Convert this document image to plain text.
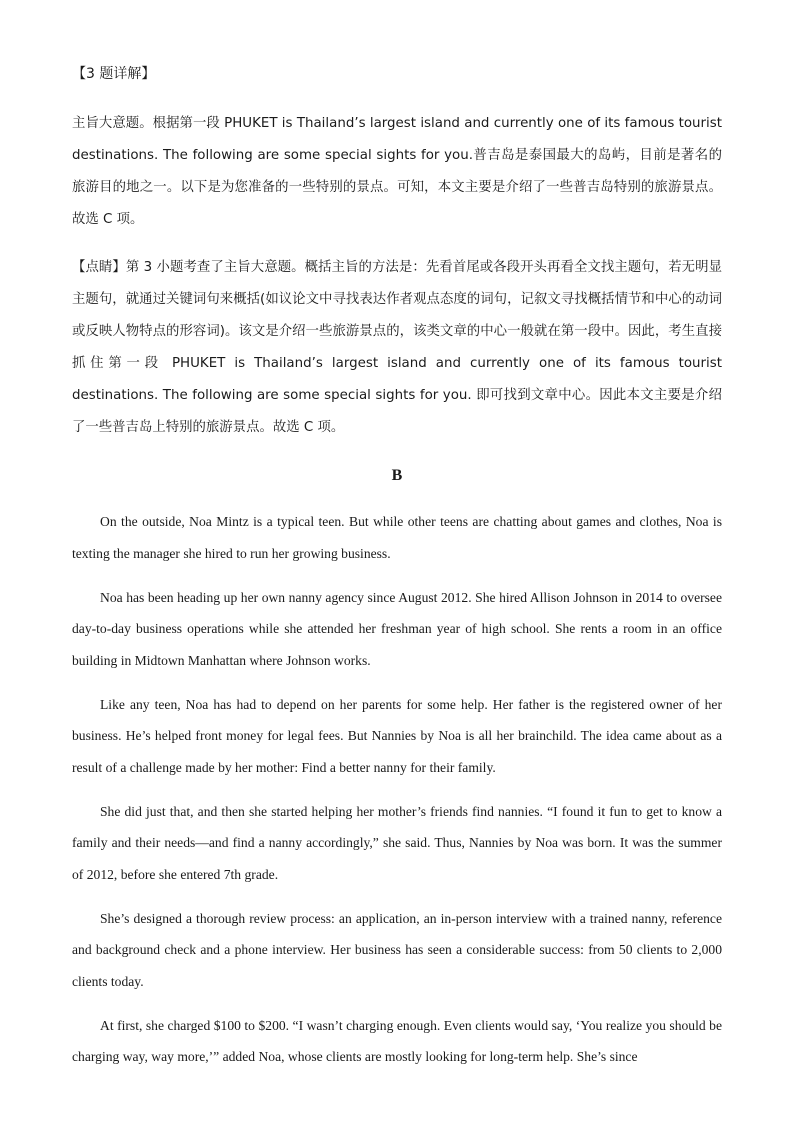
【3 题详解】

主旨大意题。根据第一段 PHUKET is Thailand’s largest island and currently one of its famous tourist destinations. The following are some special sights for you.普吉岛是泰国最大的岛屿，目前是著名的旅游目的地之一。以下是为您准备的一些特别的景点。可知，本文主要是介绍了一些普吉岛特别的旅游景点。故选 C 项。

【点睛】第 3 小题考查了主旨大意题。概括主旨的方法是：先看首尾或各段开头再看全文找主题句，若无明显主题句，就通过关键词句来概括(如议论文中寻找表达作者观点态度的词句，记叙文寻找概括情节和中心的动词或反映人物特点的形容词)。该文是介绍一些旅游景点的，该类文章的中心一般就在第一段中。因此，考生直接抓住第一段 PHUKET is Thailand’s largest island and currently one of its famous tourist destinations. The following are some special sights for you. 即可找到文章中心。因此本文主要是介绍了一些普吉岛上特别的旅游景点。故选 C 项。

B

On the outside, Noa Mintz is a typical teen. But while other teens are chatting about games and clothes, Noa is texting the manager she hired to run her growing business.

Noa has been heading up her own nanny agency since August 2012. She hired Allison Johnson in 2014 to oversee day-to-day business operations while she attended her freshman year of high school. She rents a room in an office building in Midtown Manhattan where Johnson works.

Like any teen, Noa has had to depend on her parents for some help. Her father is the registered owner of her business. He’s helped front money for legal fees. But Nannies by Noa is all her brainchild. The idea came about as a result of a challenge made by her mother: Find a better nanny for their family.

She did just that, and then she started helping her mother’s friends find nannies. “I found it fun to get to know a family and their needs—and find a nanny accordingly,” she said. Thus, Nannies by Noa was born. It was the summer of 2012, before she entered 7th grade.

She’s designed a thorough review process: an application, an in-person interview with a trained nanny, reference and background check and a phone interview. Her business has seen a considerable success: from 50 clients to 2,000 clients today.

At first, she charged $100 to $200. “I wasn’t charging enough. Even clients would say, ‘You realize you should be charging way, way more,’” added Noa, whose clients are mostly looking for long-term help. She’s since
